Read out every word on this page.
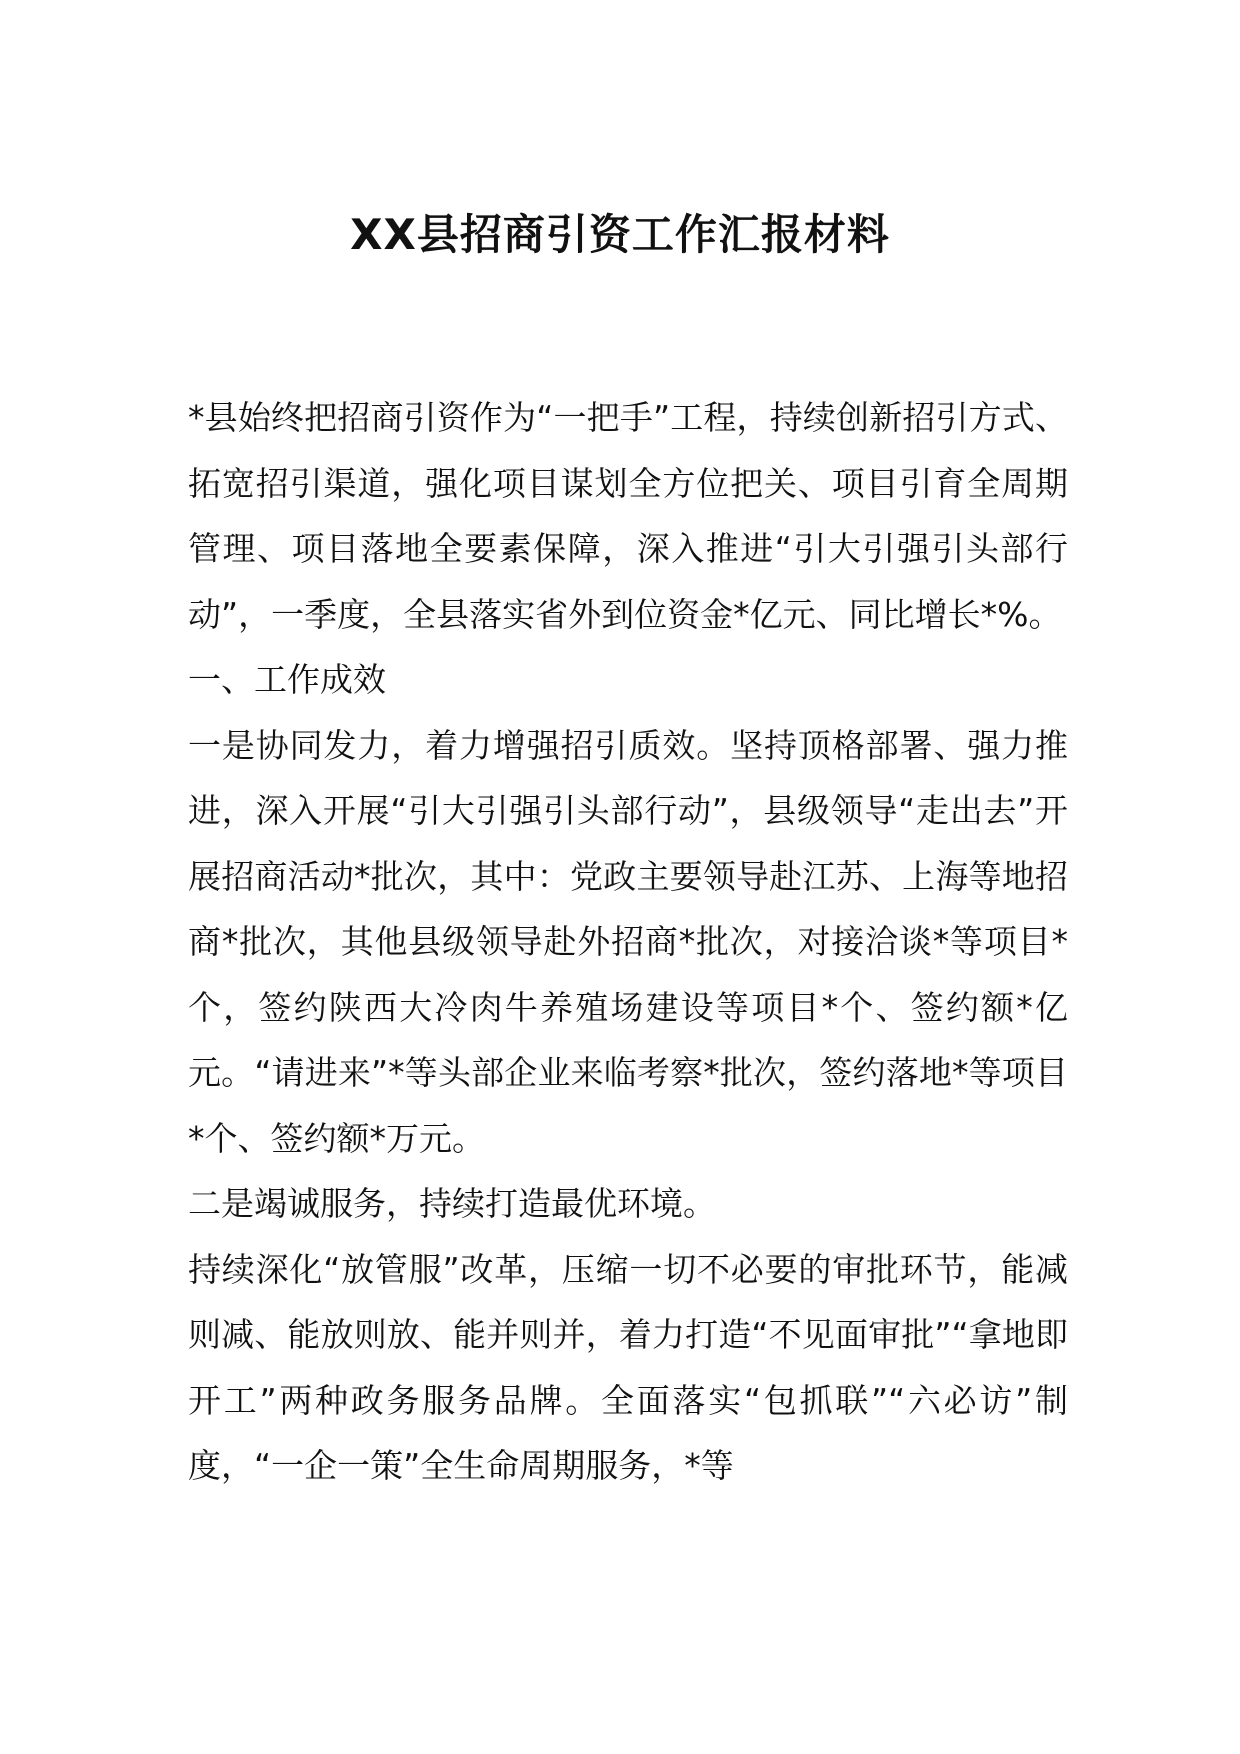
XX县招商引资工作汇报材料

*县始终把招商引资作为“一把手”工程，持续创新招引方式、拓宽招引渠道，强化项目谋划全方位把关、项目引育全周期管理、项目落地全要素保障，深入推进“引大引强引头部行动”，一季度，全县落实省外到位资金*亿元、同比增长*%。

一、工作成效

一是协同发力，着力增强招引质效。坚持顶格部署、强力推进，深入开展“引大引强引头部行动”，县级领导“走出去”开展招商活动*批次，其中：党政主要领导赴江苏、上海等地招商*批次，其他县级领导赴外招商*批次，对接洽谈*等项目*个，签约陕西大冷肉牛养殖场建设等项目*个、签约额*亿元。“请进来”*等头部企业来临考察*批次，签约落地*等项目*个、签约额*万元。

二是竭诚服务，持续打造最优环境。

持续深化“放管服”改革，压缩一切不必要的审批环节，能减则减、能放则放、能并则并，着力打造“不见面审批”“拿地即开工”两种政务服务品牌。全面落实“包抓联”“六必访”制度，“一企一策”全生命周期服务，*等
